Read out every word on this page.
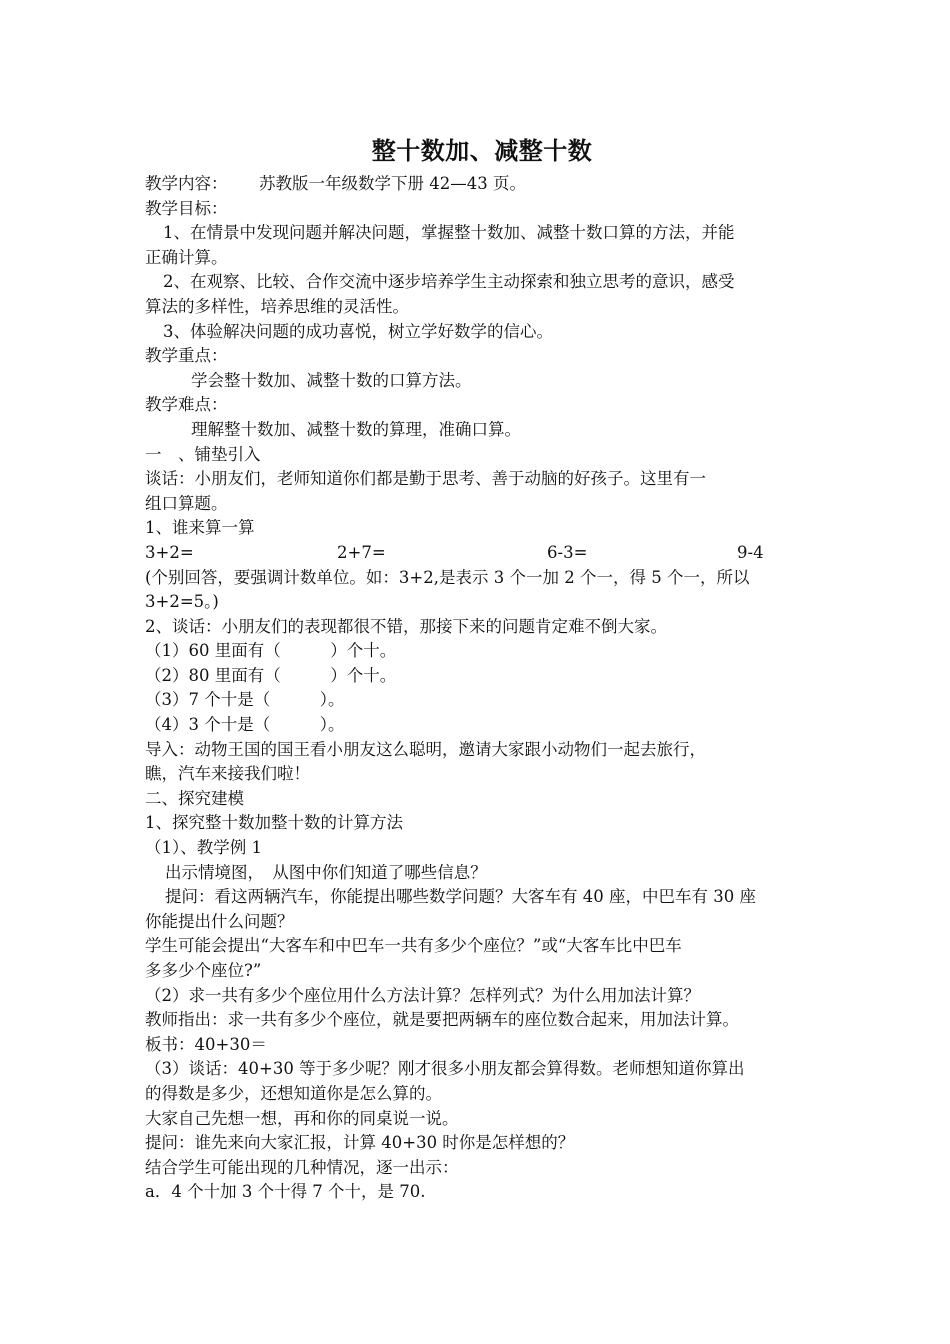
整十数加、减整十数
教学内容： 苏教版一年级数学下册 42—43 页。
教学目标：
1、在情景中发现问题并解决问题，掌握整十数加、减整十数口算的方法，并能
正确计算。
2、在观察、比较、合作交流中逐步培养学生主动探索和独立思考的意识，感受
算法的多样性，培养思维的灵活性。
3、体验解决问题的成功喜悦，树立学好数学的信心。
教学重点：
学会整十数加、减整十数的口算方法。
教学难点：
理解整十数加、减整十数的算理，准确口算。
一　、铺垫引入
谈话：小朋友们，老师知道你们都是勤于思考、善于动脑的好孩子。这里有一
组口算题。
1、谁来算一算
3+2=	2+7=	6-3=	9-4
(个别回答，要强调计数单位。如：3+2,是表示 3 个一加 2 个一，得 5 个一，所以
3+2=5。)
2、谈话：小朋友们的表现都很不错，那接下来的问题肯定难不倒大家。
（1）60 里面有（　　　）个十。
（2）80 里面有（　　　）个十。
（3）7 个十是（　　　）。
（4）3 个十是（　　　）。
导入：动物王国的国王看小朋友这么聪明，邀请大家跟小动物们一起去旅行，
瞧，汽车来接我们啦！
二、探究建模
1、探究整十数加整十数的计算方法
（1）、教学例 1
出示情境图，　从图中你们知道了哪些信息？
提问：看这两辆汽车，你能提出哪些数学问题？大客车有 40 座，中巴车有 30 座
你能提出什么问题？
学生可能会提出“大客车和中巴车一共有多少个座位？”或“大客车比中巴车
多多少个座位?”
（2）求一共有多少个座位用什么方法计算？怎样列式？为什么用加法计算？
教师指出：求一共有多少个座位，就是要把两辆车的座位数合起来，用加法计算。
板书：40+30＝
（3）谈话：40+30 等于多少呢？刚才很多小朋友都会算得数。老师想知道你算出
的得数是多少，还想知道你是怎么算的。
大家自己先想一想，再和你的同桌说一说。
提问：谁先来向大家汇报，计算 40+30 时你是怎样想的？
结合学生可能出现的几种情况，逐一出示：
a．4 个十加 3 个十得 7 个十，是 70.
